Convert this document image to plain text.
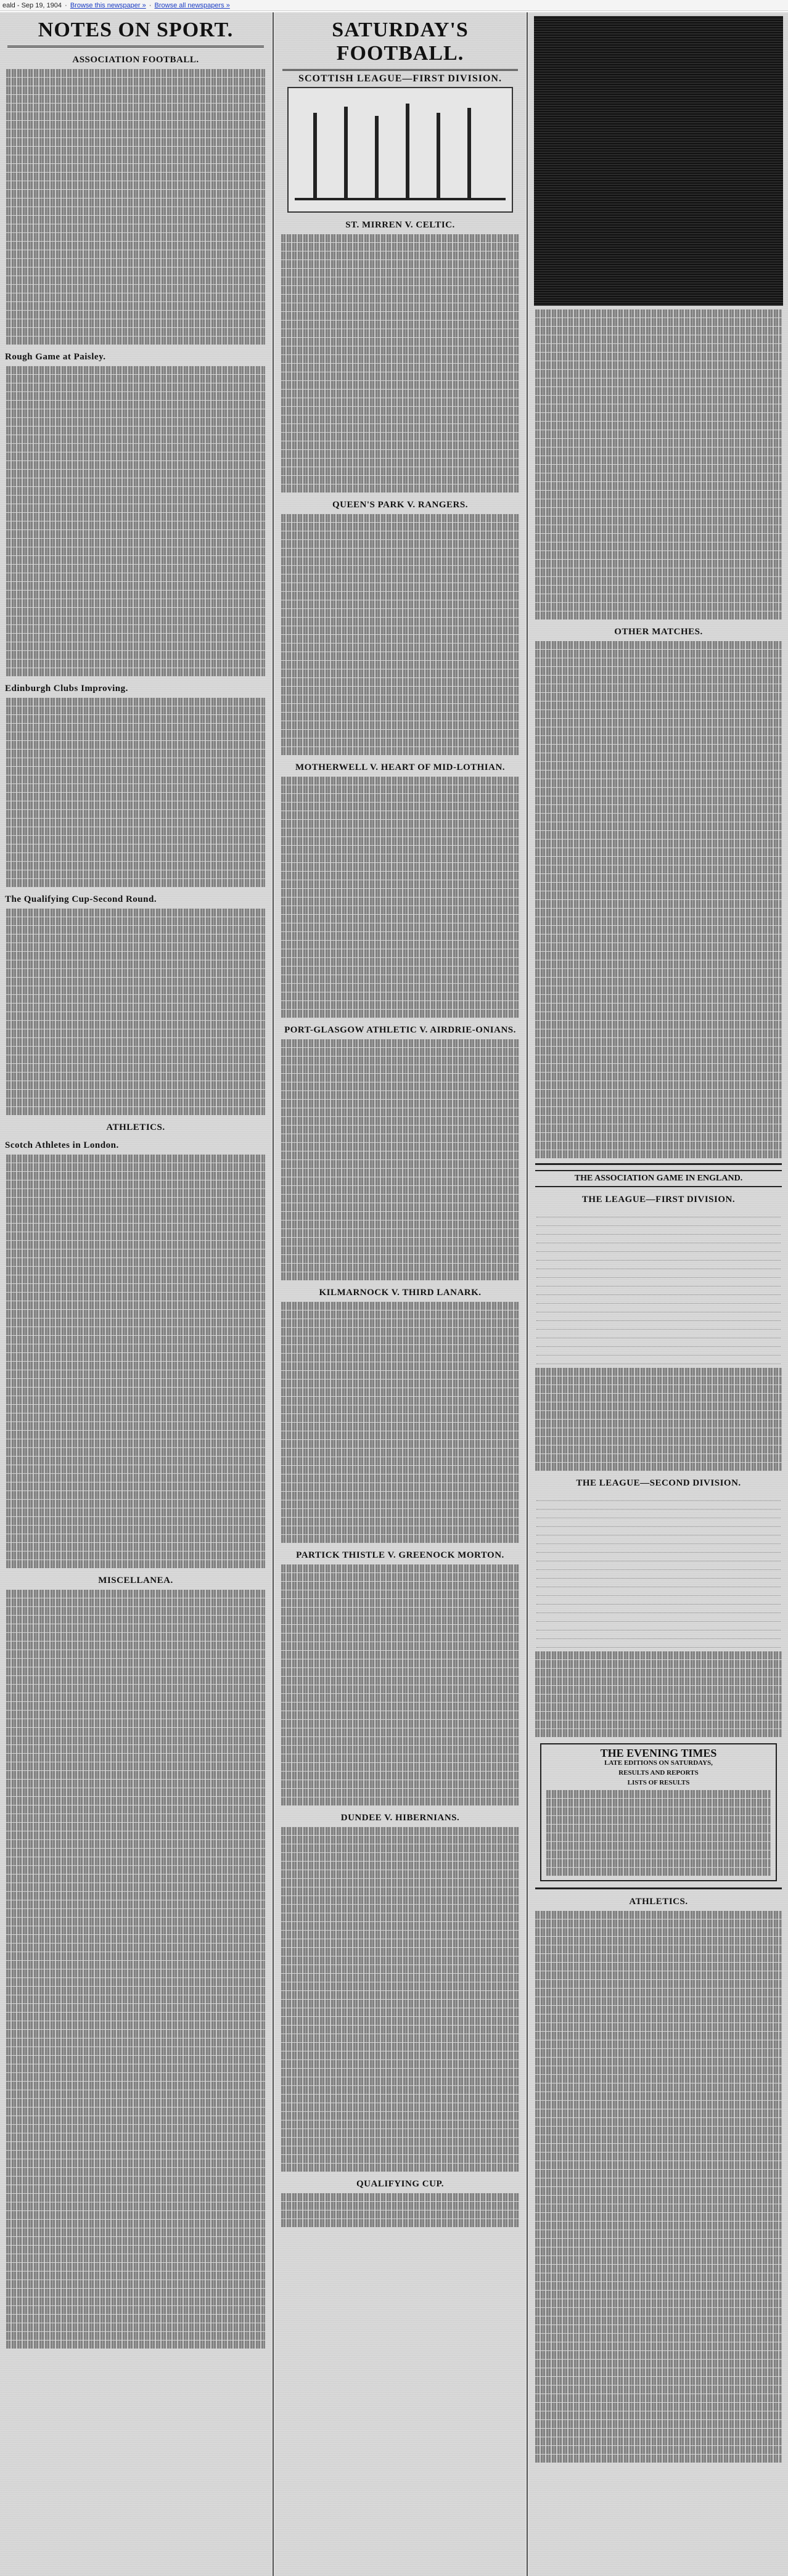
eald - Sep 19, 1904 · Browse this newspaper » · Browse all newspapers »
NOTES ON SPORT.
ASSOCIATION FOOTBALL.
Rough Game at Paisley.
Edinburgh Clubs Improving.
The Qualifying Cup-Second Round.
ATHLETICS.
Scotch Athletes in London.
MISCELLANEA.
SATURDAY'S FOOTBALL.
SCOTTISH LEAGUE—FIRST DIVISION.
ST. MIRREN V. CELTIC.
QUEEN'S PARK V. RANGERS.
MOTHERWELL V. HEART OF MID-LOTHIAN.
PORT-GLASGOW ATHLETIC V. AIRDRIE-ONIANS.
KILMARNOCK V. THIRD LANARK.
PARTICK THISTLE V. GREENOCK MORTON.
DUNDEE V. HIBERNIANS.
QUALIFYING CUP.
OTHER MATCHES.
THE ASSOCIATION GAME IN ENGLAND.
THE LEAGUE—FIRST DIVISION.
THE LEAGUE—SECOND DIVISION.
THE EVENING TIMES
LATE EDITIONS ON SATURDAYS,
RESULTS AND REPORTS
LISTS OF RESULTS
ATHLETICS.
